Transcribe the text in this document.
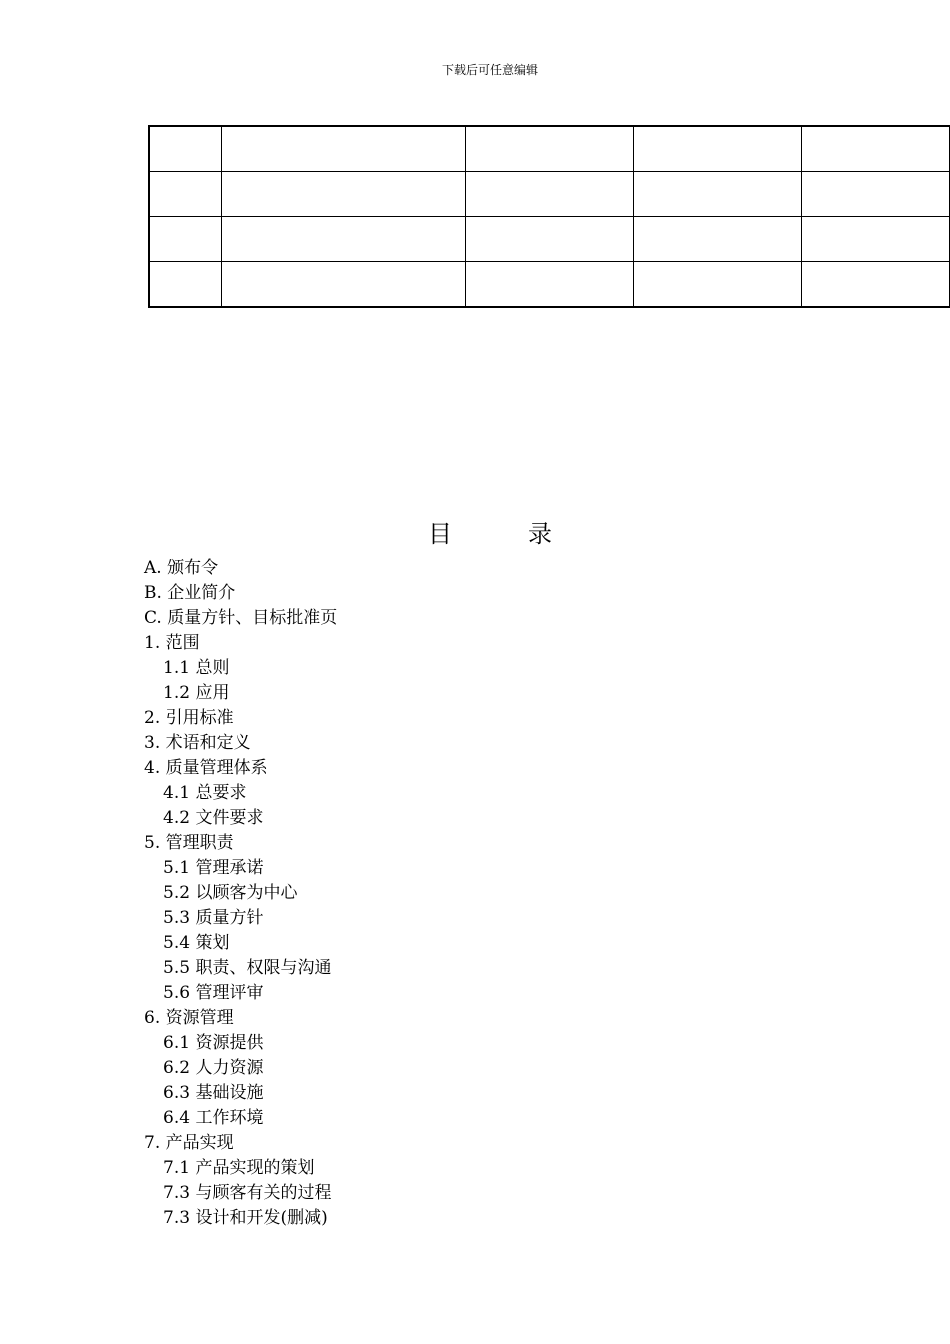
下载后可任意编辑

目录
A. 颁布令
B. 企业简介
C. 质量方针、目标批准页
1. 范围
1.1 总则
1.2 应用
2. 引用标准
3. 术语和定义
4. 质量管理体系
4.1 总要求
4.2 文件要求
5. 管理职责
5.1 管理承诺
5.2 以顾客为中心
5.3 质量方针
5.4 策划
5.5 职责、权限与沟通
5.6 管理评审
6. 资源管理
6.1 资源提供
6.2 人力资源
6.3 基础设施
6.4 工作环境
7. 产品实现
7.1 产品实现的策划
7.3 与顾客有关的过程
7.3 设计和开发(删减)
